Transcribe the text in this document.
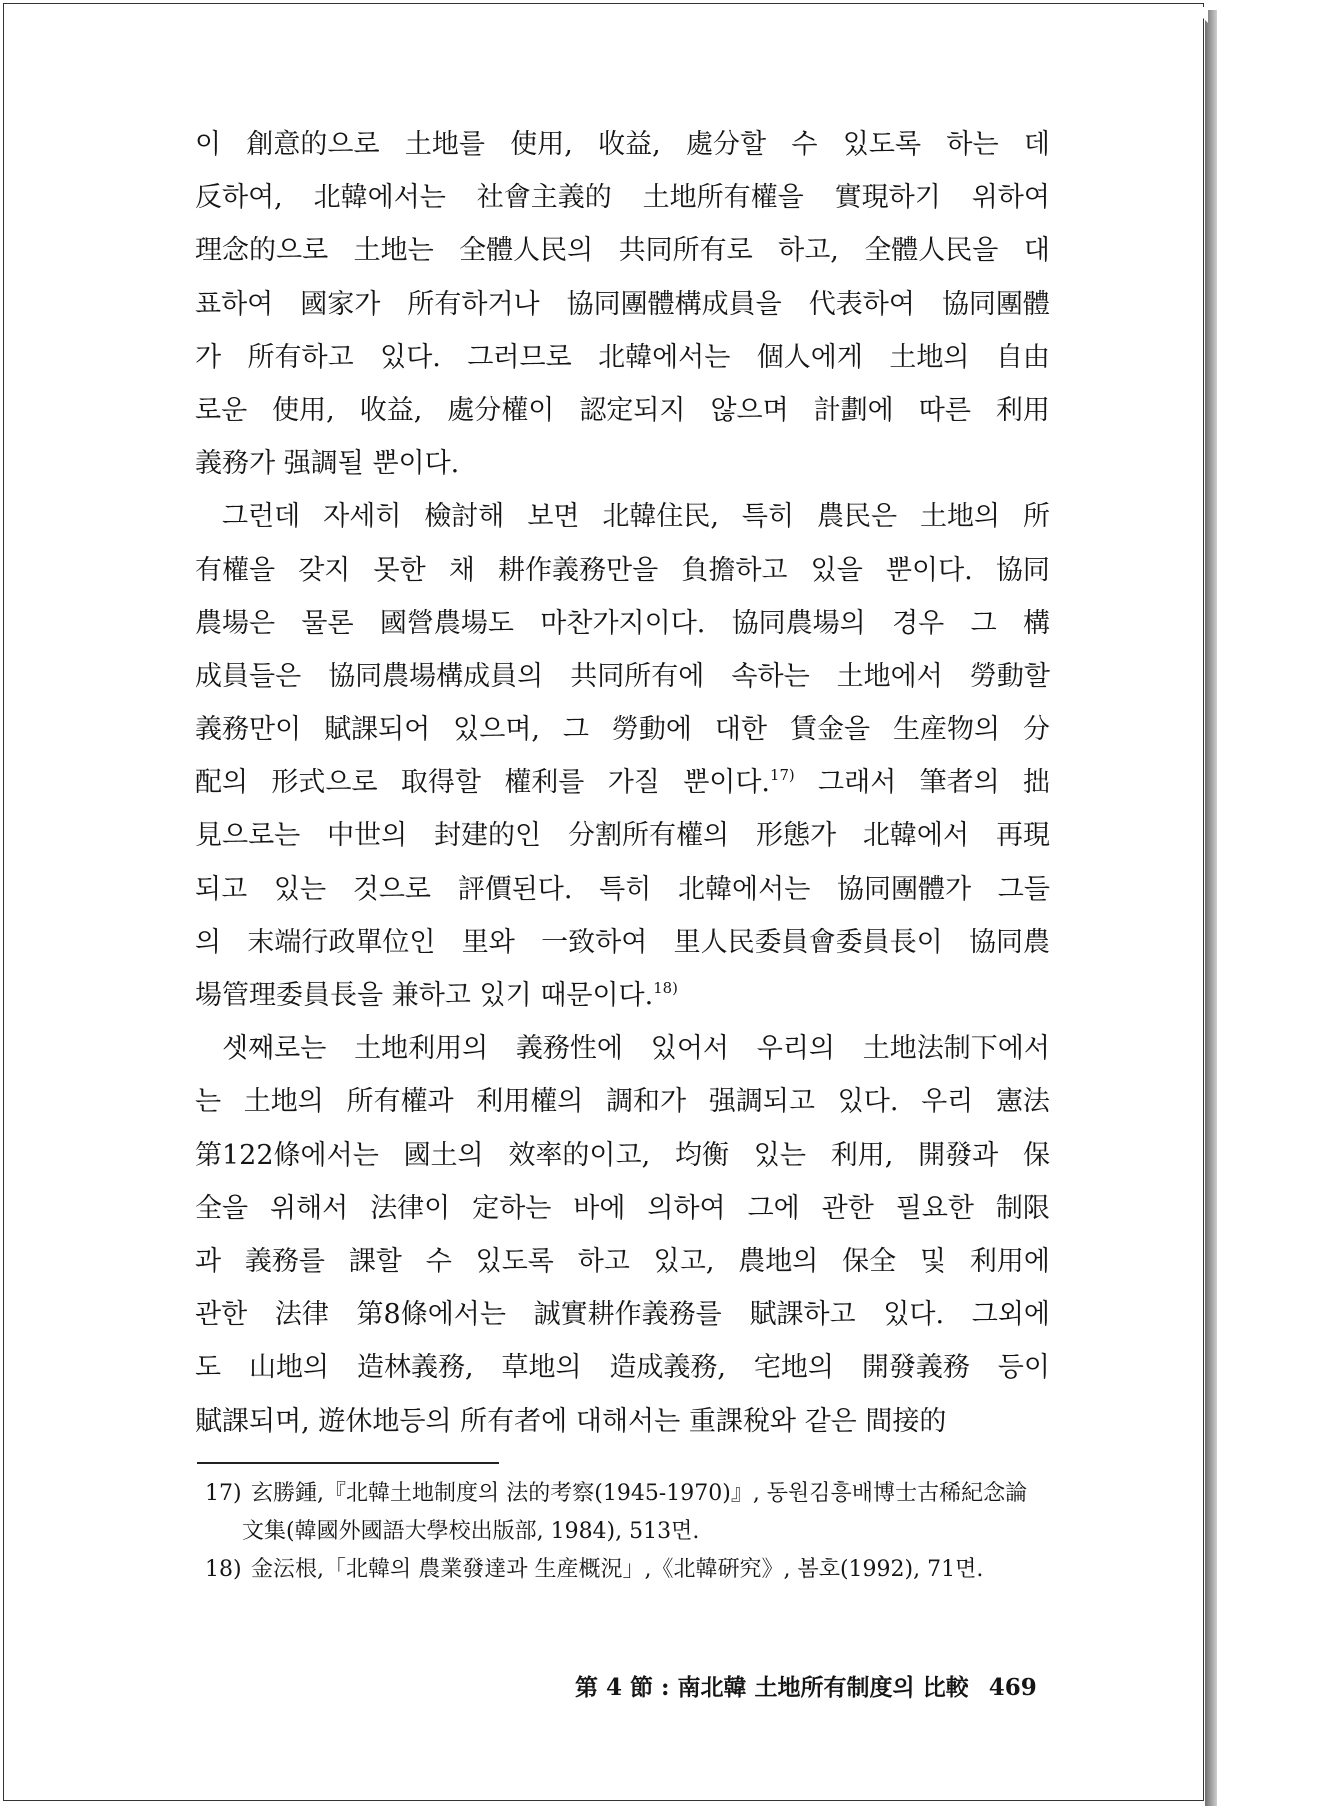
이 創意的으로 土地를 使用, 收益, 處分할 수 있도록 하는 데
反하여, 北韓에서는 社會主義的 土地所有權을 實現하기 위하여
理念的으로 土地는 全體人民의 共同所有로 하고, 全體人民을 대
표하여 國家가 所有하거나 協同團體構成員을 代表하여 協同團體
가 所有하고 있다. 그러므로 北韓에서는 個人에게 土地의 自由
로운 使用, 收益, 處分權이 認定되지 않으며 計劃에 따른 利用
義務가 强調될 뿐이다.
그런데 자세히 檢討해 보면 北韓住民, 특히 農民은 土地의 所
有權을 갖지 못한 채 耕作義務만을 負擔하고 있을 뿐이다. 協同
農場은 물론 國營農場도 마찬가지이다. 協同農場의 경우 그 構
成員들은 協同農場構成員의 共同所有에 속하는 土地에서 勞動할
義務만이 賦課되어 있으며, 그 勞動에 대한 賃金을 生産物의 分
配의 形式으로 取得할 權利를 가질 뿐이다.$^{17)}$ 그래서 筆者의 拙
見으로는 中世의 封建的인 分割所有權의 形態가 北韓에서 再現
되고 있는 것으로 評價된다. 특히 北韓에서는 協同團體가 그들
의 末端行政單位인 里와 一致하여 里人民委員會委員長이 協同農
場管理委員長을 兼하고 있기 때문이다.$^{18)}$
셋째로는 土地利用의 義務性에 있어서 우리의 土地法制下에서
는 土地의 所有權과 利用權의 調和가 强調되고 있다. 우리 憲法
第122條에서는 國土의 效率的이고, 均衡 있는 利用, 開發과 保
全을 위해서 法律이 定하는 바에 의하여 그에 관한 필요한 制限
과 義務를 課할 수 있도록 하고 있고, 農地의 保全 및 利用에
관한 法律 第8條에서는 誠實耕作義務를 賦課하고 있다. 그외에
도 山地의 造林義務, 草地의 造成義務, 宅地의 開發義務 등이
賦課되며, 遊休地등의 所有者에 대해서는 重課稅와 같은 間接的
17) 玄勝鍾,『北韓土地制度의 法的考察(1945-1970)』, 동원김흥배博士古稀紀念論
文集(韓國外國語大學校出版部, 1984), 513면.
18) 金沄根,「北韓의 農業發達과 生産概況」,《北韓硏究》, 봄호(1992), 71면.
第 4 節 : 南北韓 土地所有制度의 比較 469
